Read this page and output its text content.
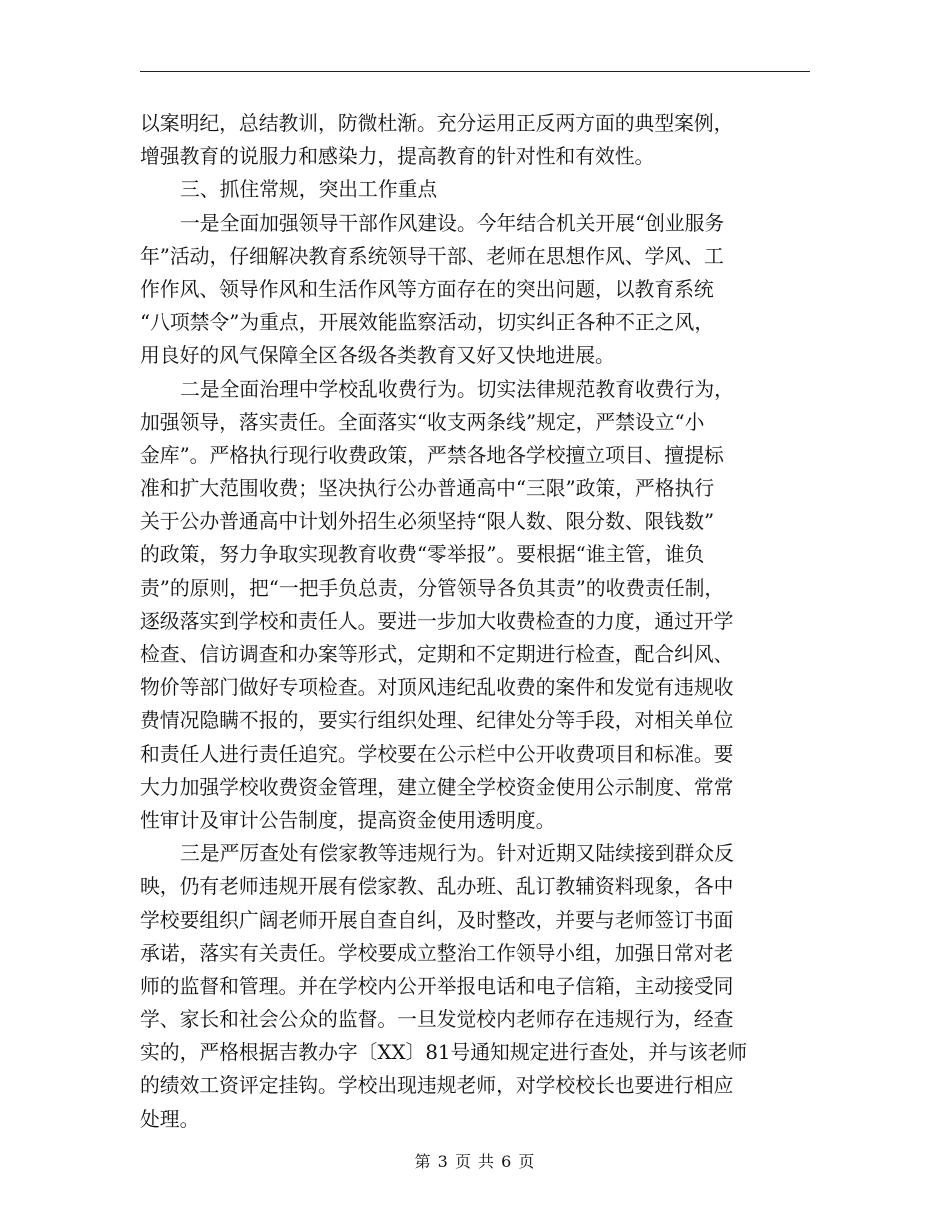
以案明纪，总结教训，防微杜渐。充分运用正反两方面的典型案例，
增强教育的说服力和感染力，提高教育的针对性和有效性。
三、抓住常规，突出工作重点
一是全面加强领导干部作风建设。今年结合机关开展“创业服务
年”活动，仔细解决教育系统领导干部、老师在思想作风、学风、工
作作风、领导作风和生活作风等方面存在的突出问题，以教育系统
“八项禁令”为重点，开展效能监察活动，切实纠正各种不正之风，
用良好的风气保障全区各级各类教育又好又快地进展。
二是全面治理中学校乱收费行为。切实法律规范教育收费行为，
加强领导，落实责任。全面落实“收支两条线”规定，严禁设立“小
金库”。严格执行现行收费政策，严禁各地各学校擅立项目、擅提标
准和扩大范围收费；坚决执行公办普通高中“三限”政策，严格执行
关于公办普通高中计划外招生必须坚持“限人数、限分数、限钱数”
的政策，努力争取实现教育收费“零举报”。要根据“谁主管，谁负
责”的原则，把“一把手负总责，分管领导各负其责”的收费责任制，
逐级落实到学校和责任人。要进一步加大收费检查的力度，通过开学
检查、信访调查和办案等形式，定期和不定期进行检查，配合纠风、
物价等部门做好专项检查。对顶风违纪乱收费的案件和发觉有违规收
费情况隐瞒不报的，要实行组织处理、纪律处分等手段，对相关单位
和责任人进行责任追究。学校要在公示栏中公开收费项目和标准。要
大力加强学校收费资金管理，建立健全学校资金使用公示制度、常常
性审计及审计公告制度，提高资金使用透明度。
三是严厉查处有偿家教等违规行为。针对近期又陆续接到群众反
映，仍有老师违规开展有偿家教、乱办班、乱订教辅资料现象，各中
学校要组织广阔老师开展自查自纠，及时整改，并要与老师签订书面
承诺，落实有关责任。学校要成立整治工作领导小组，加强日常对老
师的监督和管理。并在学校内公开举报电话和电子信箱，主动接受同
学、家长和社会公众的监督。一旦发觉校内老师存在违规行为，经查
实的，严格根据吉教办字〔XX〕81号通知规定进行查处，并与该老师
的绩效工资评定挂钩。学校出现违规老师，对学校校长也要进行相应
处理。
第 3 页 共 6 页
